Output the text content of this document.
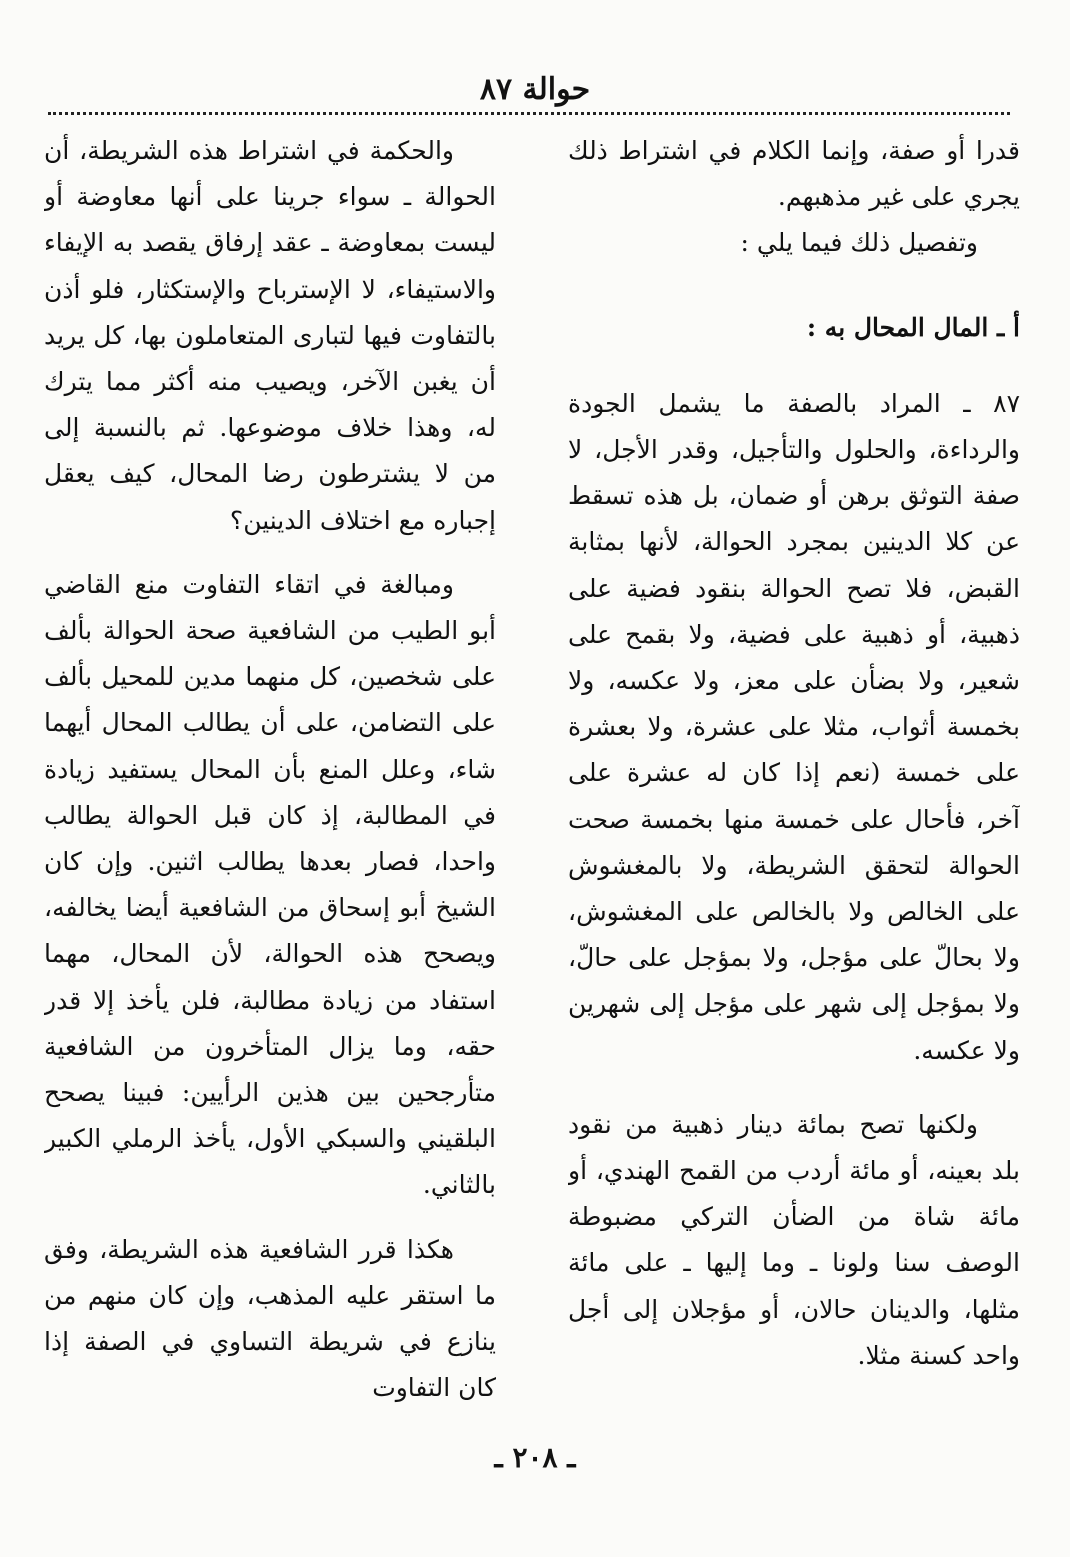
حوالة ٨٧

قدرا أو صفة، وإنما الكلام في اشتراط ذلك يجري على غير مذهبهم.

وتفصيل ذلك فيما يلي :

أ ـ المال المحال به :

٨٧ ـ المراد بالصفة ما يشمل الجودة والرداءة، والحلول والتأجيل، وقدر الأجل، لا صفة التوثق برهن أو ضمان، بل هذه تسقط عن كلا الدينين بمجرد الحوالة، لأنها بمثابة القبض، فلا تصح الحوالة بنقود فضية على ذهبية، أو ذهبية على فضية، ولا بقمح على شعير، ولا بضأن على معز، ولا عكسه، ولا بخمسة أثواب، مثلا على عشرة، ولا بعشرة على خمسة (نعم إذا كان له عشرة على آخر، فأحال على خمسة منها بخمسة صحت الحوالة لتحقق الشريطة، ولا بالمغشوش على الخالص ولا بالخالص على المغشوش، ولا بحالّ على مؤجل، ولا بمؤجل على حالّ، ولا بمؤجل إلى شهر على مؤجل إلى شهرين ولا عكسه.

ولكنها تصح بمائة دينار ذهبية من نقود بلد بعينه، أو مائة أردب من القمح الهندي، أو مائة شاة من الضأن التركي مضبوطة الوصف سنا ولونا ـ وما إليها ـ على مائة مثلها، والدينان حالان، أو مؤجلان إلى أجل واحد كسنة مثلا.

والحكمة في اشتراط هذه الشريطة، أن الحوالة ـ سواء جرينا على أنها معاوضة أو ليست بمعاوضة ـ عقد إرفاق يقصد به الإيفاء والاستيفاء، لا الإسترباح والإستكثار، فلو أذن بالتفاوت فيها لتبارى المتعاملون بها، كل يريد أن يغبن الآخر، ويصيب منه أكثر مما يترك له، وهذا خلاف موضوعها. ثم بالنسبة إلى من لا يشترطون رضا المحال، كيف يعقل إجباره مع اختلاف الدينين؟

ومبالغة في اتقاء التفاوت منع القاضي أبو الطيب من الشافعية صحة الحوالة بألف على شخصين، كل منهما مدين للمحيل بألف على التضامن، على أن يطالب المحال أيهما شاء، وعلل المنع بأن المحال يستفيد زيادة في المطالبة، إذ كان قبل الحوالة يطالب واحدا، فصار بعدها يطالب اثنين. وإن كان الشيخ أبو إسحاق من الشافعية أيضا يخالفه، ويصحح هذه الحوالة، لأن المحال، مهما استفاد من زيادة مطالبة، فلن يأخذ إلا قدر حقه، وما يزال المتأخرون من الشافعية متأرجحين بين هذين الرأيين: فبينا يصحح البلقيني والسبكي الأول، يأخذ الرملي الكبير بالثاني.

هكذا قرر الشافعية هذه الشريطة، وفق ما استقر عليه المذهب، وإن كان منهم من ينازع في شريطة التساوي في الصفة إذا كان التفاوت

ـ ٢٠٨ ـ
